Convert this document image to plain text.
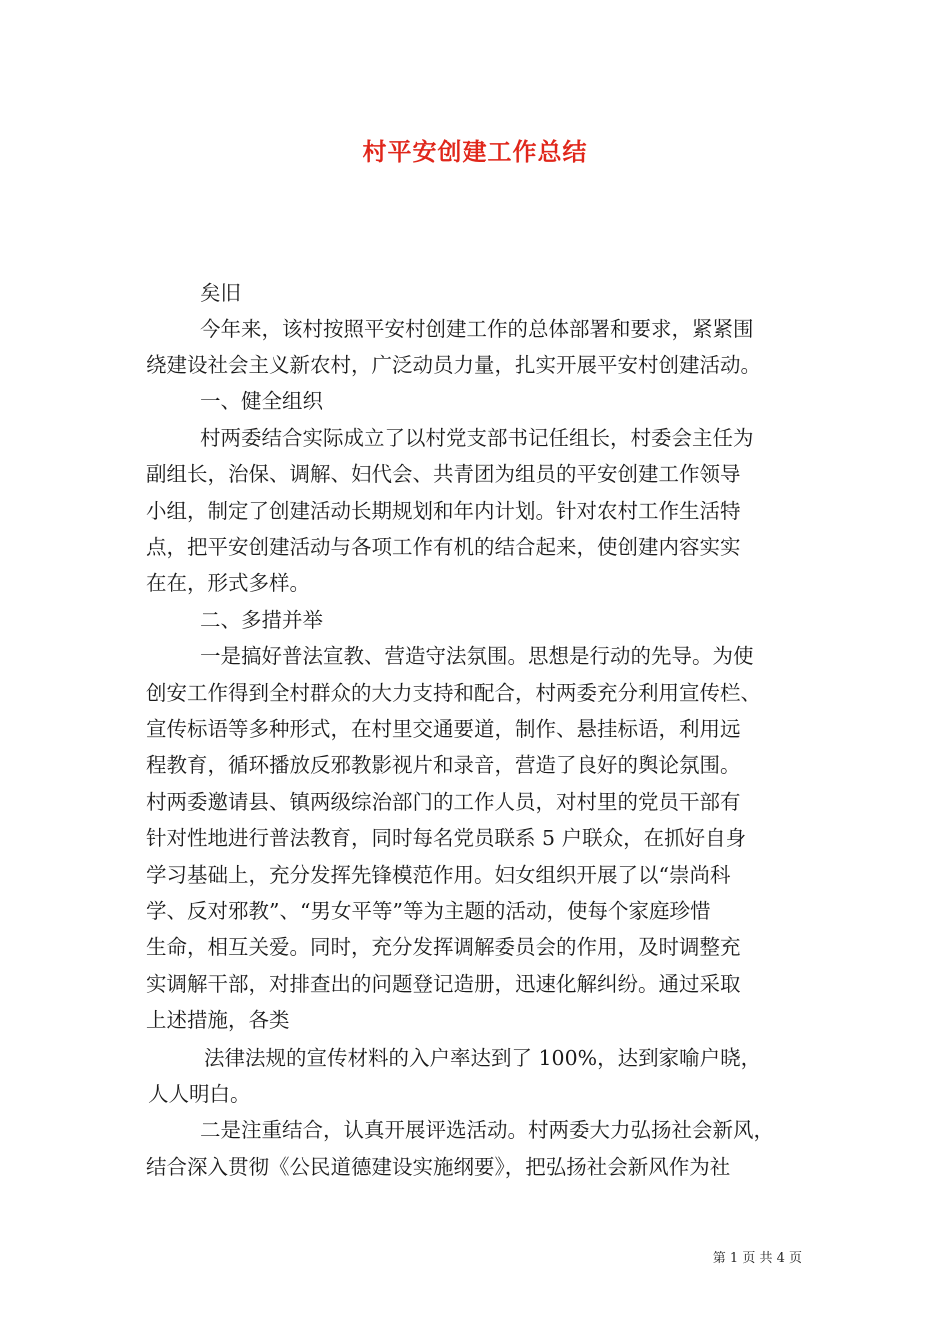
村平安创建工作总结
矣旧
今年来，该村按照平安村创建工作的总体部署和要求，紧紧围
绕建设社会主义新农村，广泛动员力量，扎实开展平安村创建活动。
一、健全组织
村两委结合实际成立了以村党支部书记任组长，村委会主任为
副组长，治保、调解、妇代会、共青团为组员的平安创建工作领导
小组，制定了创建活动长期规划和年内计划。针对农村工作生活特
点，把平安创建活动与各项工作有机的结合起来，使创建内容实实
在在，形式多样。
二、多措并举
一是搞好普法宣教、营造守法氛围。思想是行动的先导。为使
创安工作得到全村群众的大力支持和配合，村两委充分利用宣传栏、
宣传标语等多种形式，在村里交通要道，制作、悬挂标语，利用远
程教育，循环播放反邪教影视片和录音，营造了良好的舆论氛围。
村两委邀请县、镇两级综治部门的工作人员，对村里的党员干部有
针对性地进行普法教育，同时每名党员联系 5 户联众，在抓好自身
学习基础上，充分发挥先锋模范作用。妇女组织开展了以“崇尚科
学、反对邪教”、“男女平等”等为主题的活动，使每个家庭珍惜
生命，相互关爱。同时，充分发挥调解委员会的作用，及时调整充
实调解干部，对排查出的问题登记造册，迅速化解纠纷。通过采取
上述措施，各类
法律法规的宣传材料的入户率达到了 100%，达到家喻户晓，
人人明白。
二是注重结合，认真开展评选活动。村两委大力弘扬社会新风，
结合深入贯彻《公民道德建设实施纲要》，把弘扬社会新风作为社
第 1 页 共 4 页
